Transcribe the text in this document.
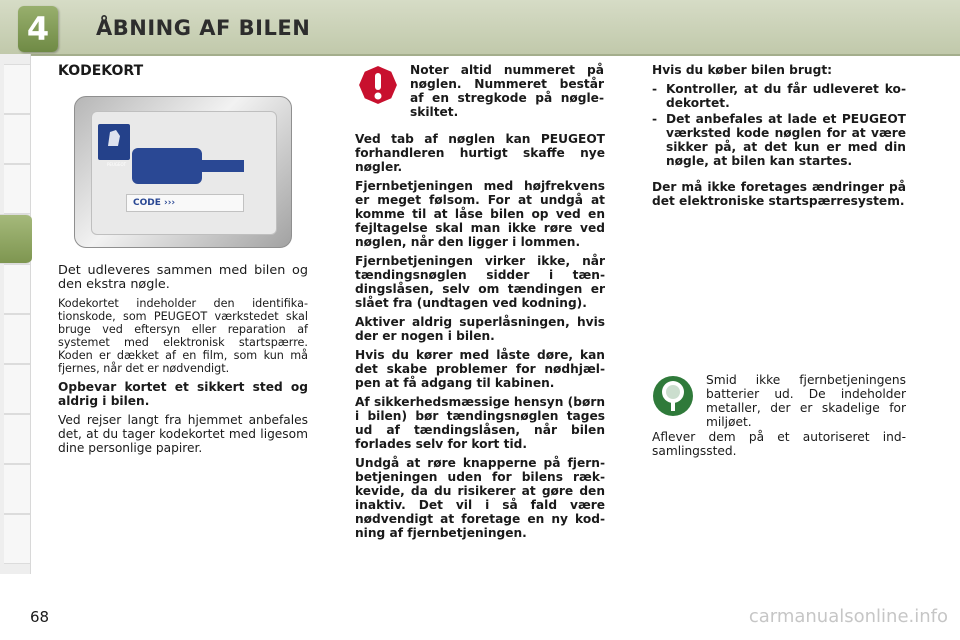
4	ÅBNING AF BILEN
KODEKORT
PEUGEOT
CODE ›››

Det udleveres sammen med bilen og den ekstra nøgle.

Kodekortet indeholder den identifikationskode, som PEUGEOT værkstedet skal bruge ved eftersyn eller reparation af systemet med elektronisk startspærre. Koden er dækket af en film, som kun må fjernes, når det er nødvendigt.

Opbevar kortet et sikkert sted og aldrig i bilen.

Ved rejser langt fra hjemmet anbefales det, at du tager kodekortet med ligesom dine personlige papirer.

Noter altid nummeret på nøglen. Nummeret består af en stregkode på nøgleskiltet.

Ved tab af nøglen kan PEUGEOT forhandleren hurtigt skaffe nye nøgler.

Fjernbetjeningen med højfrekvens er meget følsom. For at undgå at komme til at låse bilen op ved en fejltagelse skal man ikke røre ved nøglen, når den ligger i lommen.

Fjernbetjeningen virker ikke, når tændingsnøglen sidder i tændingslåsen, selv om tændingen er slået fra (undtagen ved kodning).

Aktiver aldrig superlåsningen, hvis der er nogen i bilen.

Hvis du kører med låste døre, kan det skabe problemer for nødhjælpen at få adgang til kabinen.

Af sikkerhedsmæssige hensyn (børn i bilen) bør tændingsnøglen tages ud af tændingslåsen, når bilen forlades selv for kort tid.

Undgå at røre knapperne på fjernbetjeningen uden for bilens rækkevide, da du risikerer at gøre den inaktiv. Det vil i så fald være nødvendigt at foretage en ny kodning af fjernbetjeningen.

Hvis du køber bilen brugt:

- Kontroller, at du får udleveret kodekortet.
- Det anbefales at lade et PEUGEOT værksted kode nøglen for at være sikker på, at det kun er med din nøgle, at bilen kan startes.

Der må ikke foretages ændringer på det elektroniske startspærresystem.

Smid ikke fjernbetjeningens batterier ud. De indeholder metaller, der er skadelige for miljøet.

Aflever dem på et autoriseret indsamlingssted.

68	carmanualsonline.info
